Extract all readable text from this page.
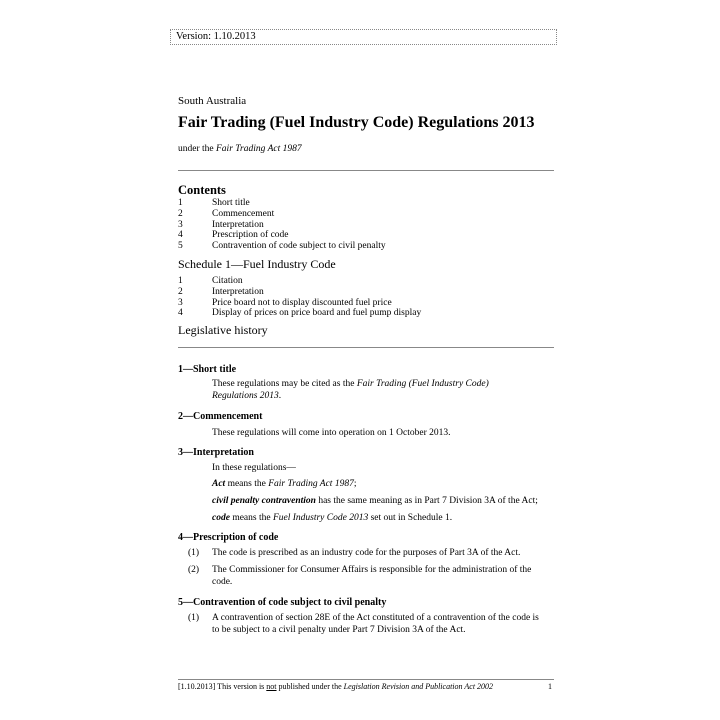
Version: 1.10.2013
South Australia
Fair Trading (Fuel Industry Code) Regulations 2013
under the Fair Trading Act 1987
Contents
1	Short title
2	Commencement
3	Interpretation
4	Prescription of code
5	Contravention of code subject to civil penalty
Schedule 1—Fuel Industry Code
1	Citation
2	Interpretation
3	Price board not to display discounted fuel price
4	Display of prices on price board and fuel pump display
Legislative history
1—Short title
These regulations may be cited as the Fair Trading (Fuel Industry Code)
Regulations 2013.
2—Commencement
These regulations will come into operation on 1 October 2013.
3—Interpretation
In these regulations—
Act means the Fair Trading Act 1987;
civil penalty contravention has the same meaning as in Part 7 Division 3A of the Act;
code means the Fuel Industry Code 2013 set out in Schedule 1.
4—Prescription of code
(1) The code is prescribed as an industry code for the purposes of Part 3A of the Act.
(2) The Commissioner for Consumer Affairs is responsible for the administration of the
code.
5—Contravention of code subject to civil penalty
(1) A contravention of section 28E of the Act constituted of a contravention of the code is
to be subject to a civil penalty under Part 7 Division 3A of the Act.
[1.10.2013] This version is not published under the Legislation Revision and Publication Act 2002	1
